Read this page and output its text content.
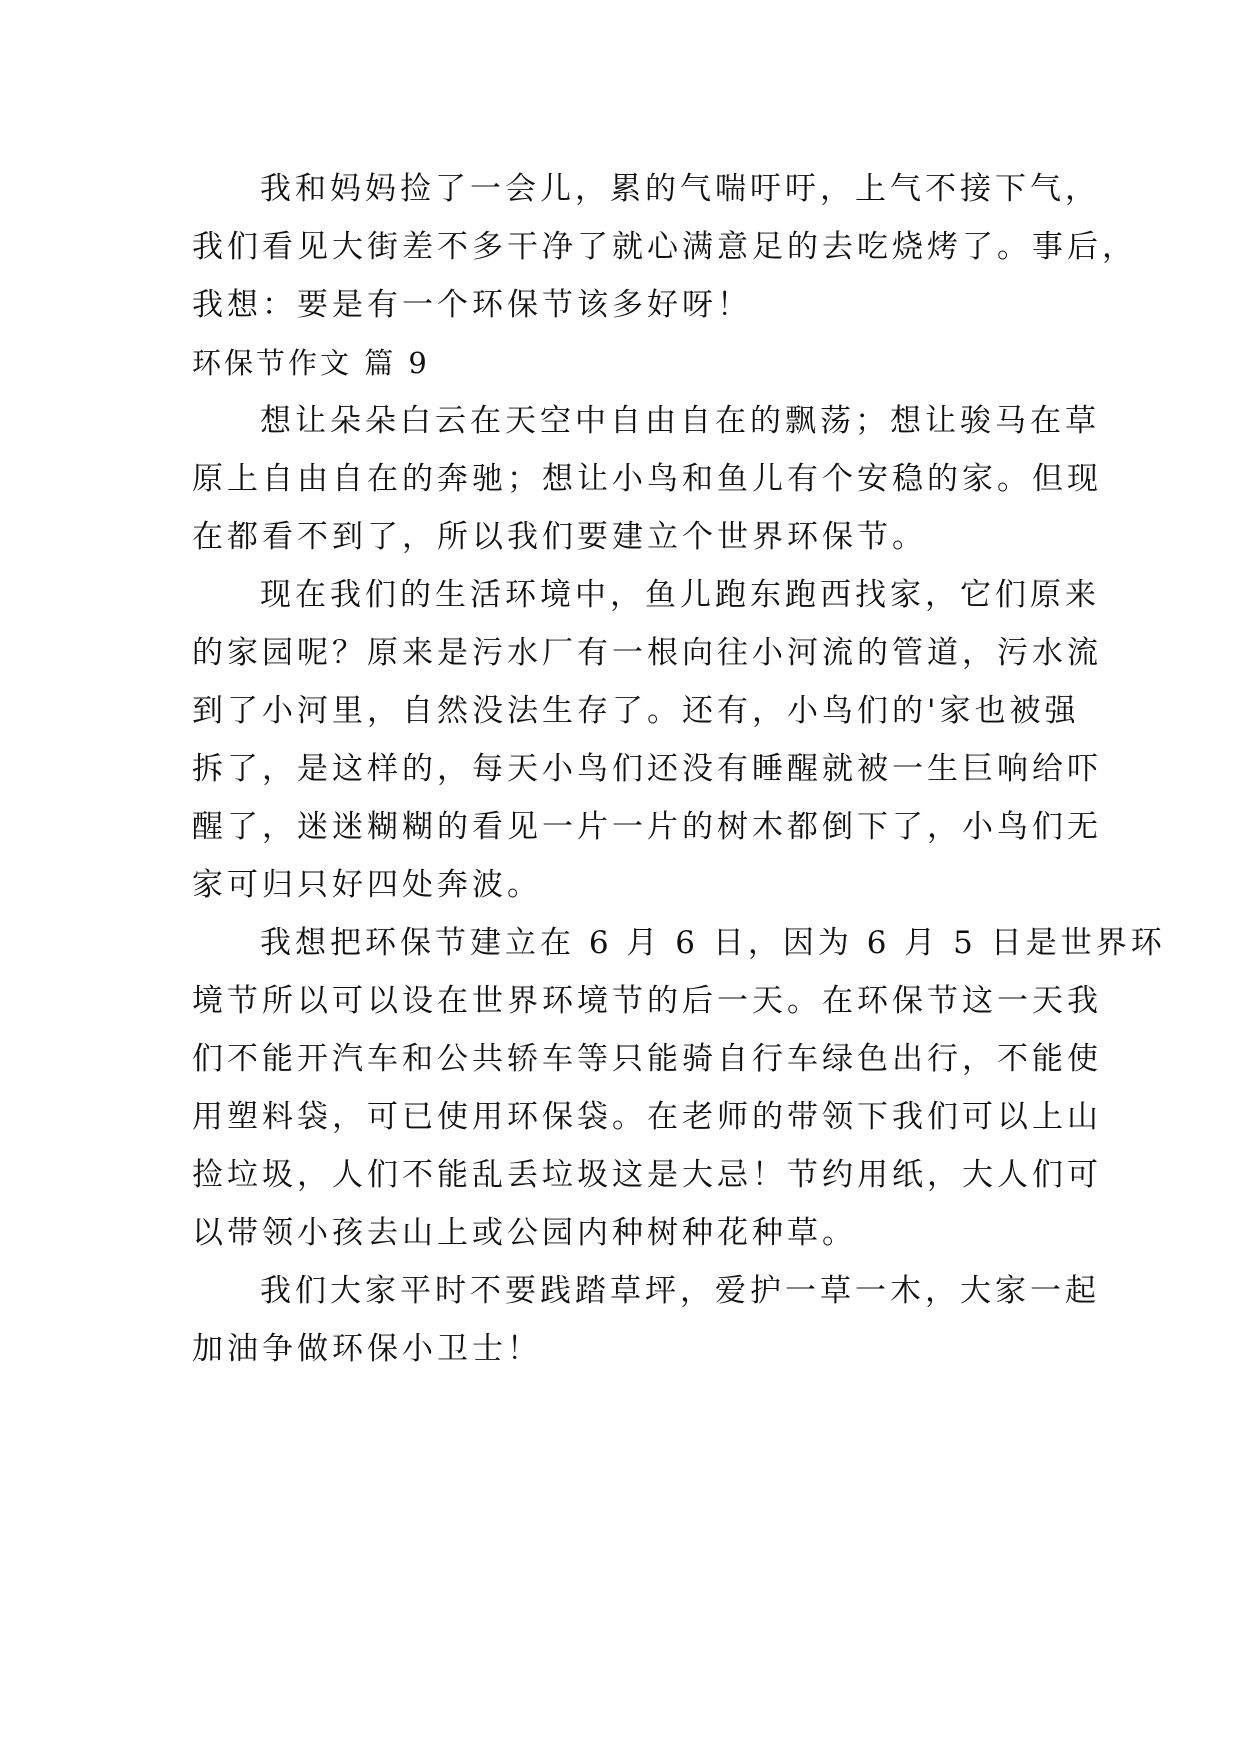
我和妈妈捡了一会儿，累的气喘吁吁，上气不接下气，
我们看见大街差不多干净了就心满意足的去吃烧烤了。事后，
我想：要是有一个环保节该多好呀！

环保节作文 篇 9

想让朵朵白云在天空中自由自在的飘荡；想让骏马在草
原上自由自在的奔驰；想让小鸟和鱼儿有个安稳的家。但现
在都看不到了，所以我们要建立个世界环保节。

现在我们的生活环境中，鱼儿跑东跑西找家，它们原来
的家园呢？原来是污水厂有一根向往小河流的管道，污水流
到了小河里，自然没法生存了。还有，小鸟们的'家也被强
拆了，是这样的，每天小鸟们还没有睡醒就被一生巨响给吓
醒了，迷迷糊糊的看见一片一片的树木都倒下了，小鸟们无
家可归只好四处奔波。

我想把环保节建立在 6 月 6 日，因为 6 月 5 日是世界环
境节所以可以设在世界环境节的后一天。在环保节这一天我
们不能开汽车和公共轿车等只能骑自行车绿色出行，不能使
用塑料袋，可已使用环保袋。在老师的带领下我们可以上山
捡垃圾，人们不能乱丢垃圾这是大忌！节约用纸，大人们可
以带领小孩去山上或公园内种树种花种草。

我们大家平时不要践踏草坪，爱护一草一木，大家一起
加油争做环保小卫士！
